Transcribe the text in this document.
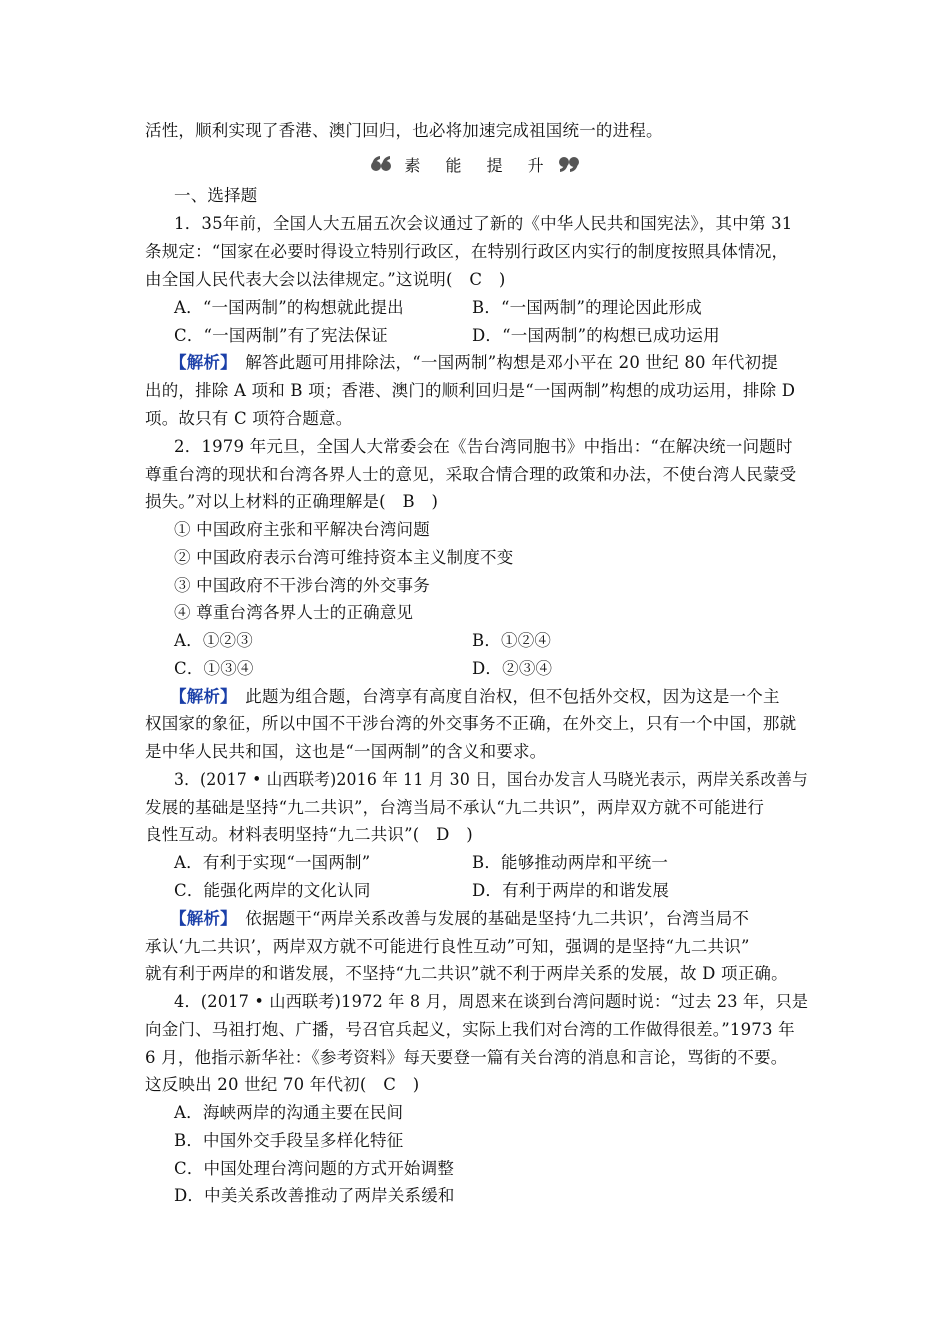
活性，顺利实现了香港、澳门回归，也必将加速完成祖国统一的进程。
素 能 提 升
一、选择题
1．35年前，全国人大五届五次会议通过了新的《中华人民共和国宪法》，其中第 31
条规定：“国家在必要时得设立特别行政区，在特别行政区内实行的制度按照具体情况，
由全国人民代表大会以法律规定。”这说明(　C　)
A．“一国两制”的构想就此提出	B．“一国两制”的理论因此形成
C．“一国两制”有了宪法保证	D．“一国两制”的构想已成功运用
【解析】　解答此题可用排除法，“一国两制”构想是邓小平在 20 世纪 80 年代初提
出的，排除 A 项和 B 项；香港、澳门的顺利回归是“一国两制”构想的成功运用，排除 D
项。故只有 C 项符合题意。
2．1979 年元旦，全国人大常委会在《告台湾同胞书》中指出：“在解决统一问题时
尊重台湾的现状和台湾各界人士的意见，采取合情合理的政策和办法，不使台湾人民蒙受
损失。”对以上材料的正确理解是(　B　)
① 中国政府主张和平解决台湾问题
② 中国政府表示台湾可维持资本主义制度不变
③ 中国政府不干涉台湾的外交事务
④ 尊重台湾各界人士的正确意见
A．①②③	B．①②④
C．①③④	D．②③④
【解析】　此题为组合题，台湾享有高度自治权，但不包括外交权，因为这是一个主
权国家的象征，所以中国不干涉台湾的外交事务不正确，在外交上，只有一个中国，那就
是中华人民共和国，这也是“一国两制”的含义和要求。
3．(2017 • 山西联考)2016 年 11 月 30 日，国台办发言人马晓光表示，两岸关系改善与
发展的基础是坚持“九二共识”，台湾当局不承认“九二共识”，两岸双方就不可能进行
良性互动。材料表明坚持“九二共识”(　D　)
A．有利于实现“一国两制”	B．能够推动两岸和平统一
C．能强化两岸的文化认同	D．有利于两岸的和谐发展
【解析】　依据题干“两岸关系改善与发展的基础是坚持‘九二共识’，台湾当局不
承认‘九二共识’，两岸双方就不可能进行良性互动”可知，强调的是坚持“九二共识”
就有利于两岸的和谐发展，不坚持“九二共识”就不利于两岸关系的发展，故 D 项正确。
4．(2017 • 山西联考)1972 年 8 月，周恩来在谈到台湾问题时说：“过去 23 年，只是
向金门、马祖打炮、广播，号召官兵起义，实际上我们对台湾的工作做得很差。”1973 年
6 月，他指示新华社：《参考资料》每天要登一篇有关台湾的消息和言论，骂街的不要。
这反映出 20 世纪 70 年代初(　C　)
A．海峡两岸的沟通主要在民间
B．中国外交手段呈多样化特征
C．中国处理台湾问题的方式开始调整
D．中美关系改善推动了两岸关系缓和
